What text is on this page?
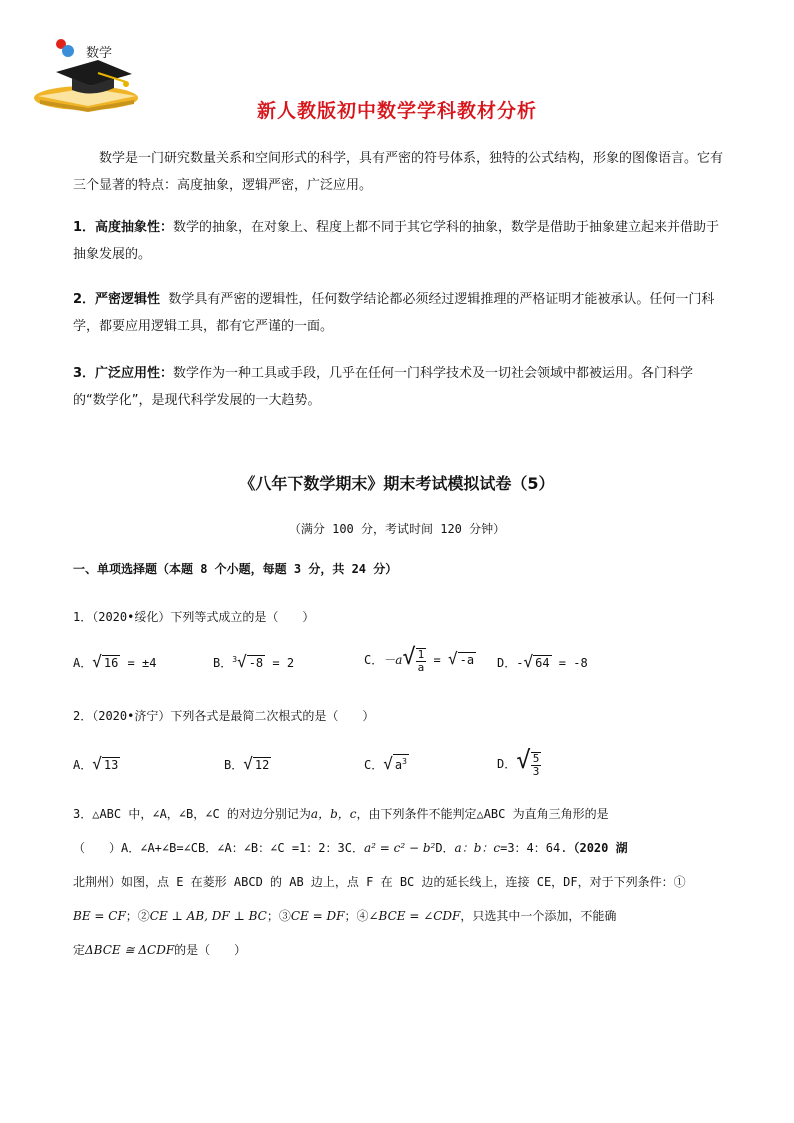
数学
新人教版初中数学学科教材分析
数学是一门研究数量关系和空间形式的科学，具有严密的符号体系，独特的公式结构，形象的图像语言。它有三个显著的特点：高度抽象，逻辑严密，广泛应用。
1．高度抽象性：数学的抽象，在对象上、程度上都不同于其它学科的抽象，数学是借助于抽象建立起来并借助于抽象发展的。
2．严密逻辑性 数学具有严密的逻辑性，任何数学结论都必须经过逻辑推理的严格证明才能被承认。任何一门科学，都要应用逻辑工具，都有它严谨的一面。
3．广泛应用性：数学作为一种工具或手段，几乎在任何一门科学技术及一切社会领域中都被运用。各门科学的“数学化”，是现代科学发展的一大趋势。
《八年下数学期末》期末考试模拟试卷（5）
（满分 100 分，考试时间 120 分钟）
一、单项选择题（本题 8 个小题，每题 3 分，共 24 分）
1．（2020•绥化）下列等式成立的是（　　）
A．√ 16 = ±4	B．$^3$√ -8 = 2	C．$-a√ \frac{1}{a}$ = √ -a D．-√ 64 = -8
2．（2020•济宁）下列各式是最简二次根式的是（　　）
A．√ 13	B．√ 12	C．√ $a^3$	D．√ $\frac{5}{3}$
3．△ABC 中，∠A，∠B，∠C 的对边分别记为a，b，c，由下列条件不能判定△ABC 为直角三角形的是
（　　）A．∠A+∠B=∠CB．∠A：∠B：∠C =1：2：3C．a² = c² − b²D．a：b：c=3：4：64.（2020 湖
北荆州）如图，点 E 在菱形 ABCD 的 AB 边上，点 F 在 BC 边的延长线上，连接 CE，DF，对于下列条件：①
BE = CF；②CE ⊥ AB, DF ⊥ BC；③CE = DF；④∠BCE = ∠CDF，只选其中一个添加，不能确
定ΔBCE ≅ ΔCDF的是（　　）
